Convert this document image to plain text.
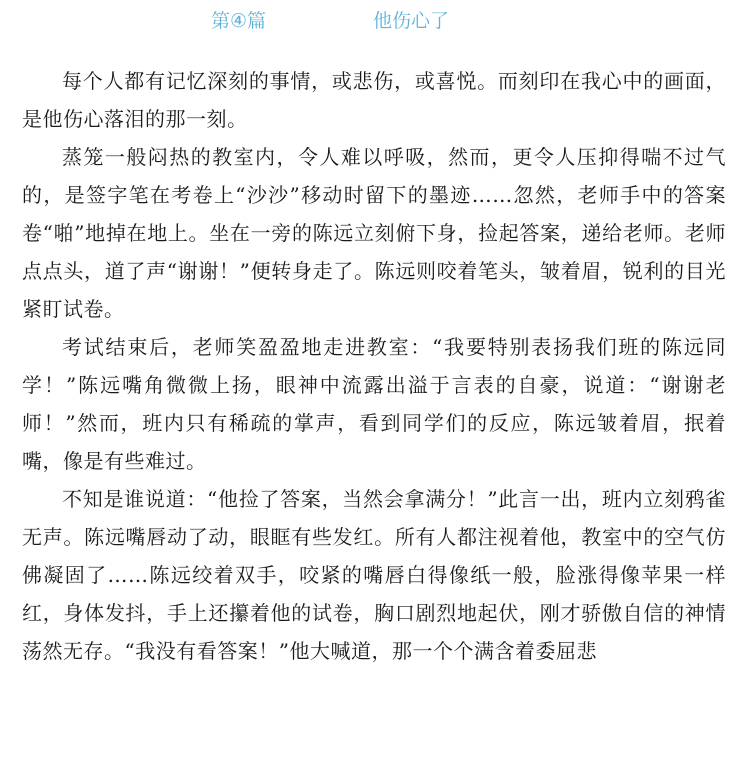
第④篇	他伤心了

每个人都有记忆深刻的事情，或悲伤，或喜悦。而刻印在我心中的画面，是他伤心落泪的那一刻。

蒸笼一般闷热的教室内，令人难以呼吸，然而，更令人压抑得喘不过气的，是签字笔在考卷上“沙沙”移动时留下的墨迹……忽然，老师手中的答案卷“啪”地掉在地上。坐在一旁的陈远立刻俯下身，捡起答案，递给老师。老师点点头，道了声“谢谢！”便转身走了。陈远则咬着笔头，皱着眉，锐利的目光紧盯试卷。

考试结束后，老师笑盈盈地走进教室：“我要特别表扬我们班的陈远同学！”陈远嘴角微微上扬，眼神中流露出溢于言表的自豪，说道：“谢谢老师！”然而，班内只有稀疏的掌声，看到同学们的反应，陈远皱着眉，抿着嘴，像是有些难过。

不知是谁说道：“他捡了答案，当然会拿满分！”此言一出，班内立刻鸦雀无声。陈远嘴唇动了动，眼眶有些发红。所有人都注视着他，教室中的空气仿佛凝固了……陈远绞着双手，咬紧的嘴唇白得像纸一般，脸涨得像苹果一样红，身体发抖，手上还攥着他的试卷，胸口剧烈地起伏，刚才骄傲自信的神情荡然无存。“我没有看答案！”他大喊道，那一个个满含着委屈悲
